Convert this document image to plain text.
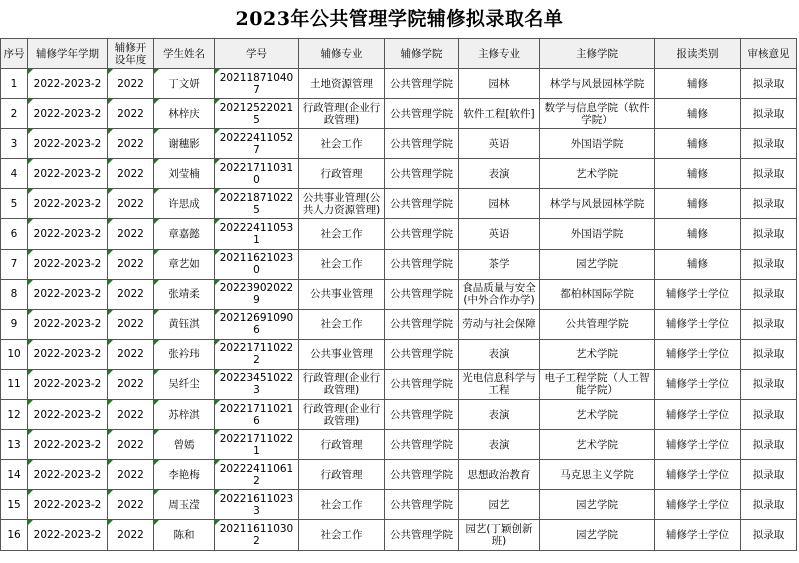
2023年公共管理学院辅修拟录取名单
序号	辅修学年学期	辅修开设年度	学生姓名	学号	辅修专业	辅修学院	主修专业	主修学院	报读类别	审核意见
1	2022-2023-2	2022	丁文妍	202118710407	土地资源管理	公共管理学院	园林	林学与风景园林学院	辅修	拟录取
2	2022-2023-2	2022	林梓庆	202125220215	行政管理(企业行政管理)	公共管理学院	软件工程[软件]	数学与信息学院（软件学院）	辅修	拟录取
3	2022-2023-2	2022	谢穗影	202224110527	社会工作	公共管理学院	英语	外国语学院	辅修	拟录取
4	2022-2023-2	2022	刘莹楠	202217110310	行政管理	公共管理学院	表演	艺术学院	辅修	拟录取
5	2022-2023-2	2022	许思成	202218710225	公共事业管理(公共人力资源管理)	公共管理学院	园林	林学与风景园林学院	辅修	拟录取
6	2022-2023-2	2022	章嘉懿	202224110531	社会工作	公共管理学院	英语	外国语学院	辅修	拟录取
7	2022-2023-2	2022	章艺如	202116210230	社会工作	公共管理学院	茶学	园艺学院	辅修	拟录取
8	2022-2023-2	2022	张靖柔	202239020229	公共事业管理	公共管理学院	食品质量与安全(中外合作办学)	都柏林国际学院	辅修学士学位	拟录取
9	2022-2023-2	2022	黄钰淇	202126910906	社会工作	公共管理学院	劳动与社会保障	公共管理学院	辅修学士学位	拟录取
10	2022-2023-2	2022	张衿玮	202217110222	公共事业管理	公共管理学院	表演	艺术学院	辅修学士学位	拟录取
11	2022-2023-2	2022	吴纤尘	202234510223	行政管理(企业行政管理)	公共管理学院	光电信息科学与工程	电子工程学院（人工智能学院）	辅修学士学位	拟录取
12	2022-2023-2	2022	苏梓淇	202217110216	行政管理(企业行政管理)	公共管理学院	表演	艺术学院	辅修学士学位	拟录取
13	2022-2023-2	2022	曾嫣	202217110221	行政管理	公共管理学院	表演	艺术学院	辅修学士学位	拟录取
14	2022-2023-2	2022	李艳梅	202224110612	行政管理	公共管理学院	思想政治教育	马克思主义学院	辅修学士学位	拟录取
15	2022-2023-2	2022	周玉滢	202216110233	社会工作	公共管理学院	园艺	园艺学院	辅修学士学位	拟录取
16	2022-2023-2	2022	陈和	202116110302	社会工作	公共管理学院	园艺(丁颖创新班)	园艺学院	辅修学士学位	拟录取
